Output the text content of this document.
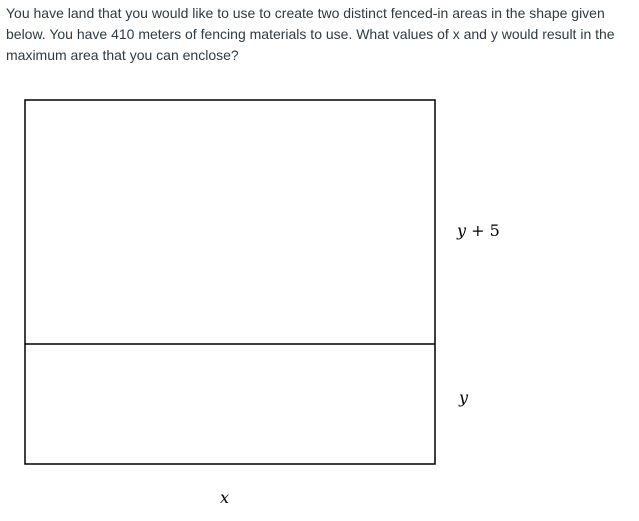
You have land that you would like to use to create two distinct fenced-in areas in the shape given below. You have 410 meters of fencing materials to use. What values of x and y would result in the maximum area that you can enclose?

y + 5
y
x
